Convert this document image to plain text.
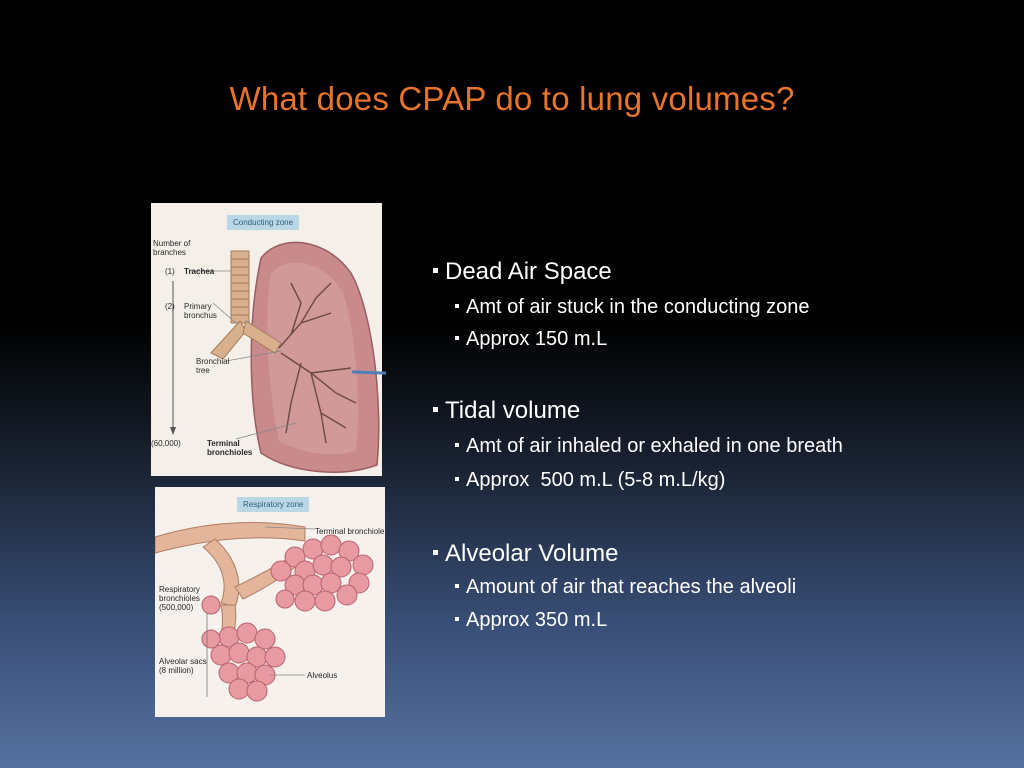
What does CPAP do to lung volumes?
Conducting zone
Number of branches
(1) Trachea
(2) Primary bronchus
Bronchial tree
(60,000)	Terminal bronchioles
Respiratory zone
Terminal bronchiole
Respiratory bronchioles
(500,000)
Alveolar sacs
(8 million)
Alveolus
Dead Air Space
Amt of air stuck in the conducting zone
Approx 150 m.L
Tidal volume
Amt of air inhaled or exhaled in one breath
Approx  500 m.L (5-8 m.L/kg)
Alveolar Volume
Amount of air that reaches the alveoli
Approx 350 m.L
